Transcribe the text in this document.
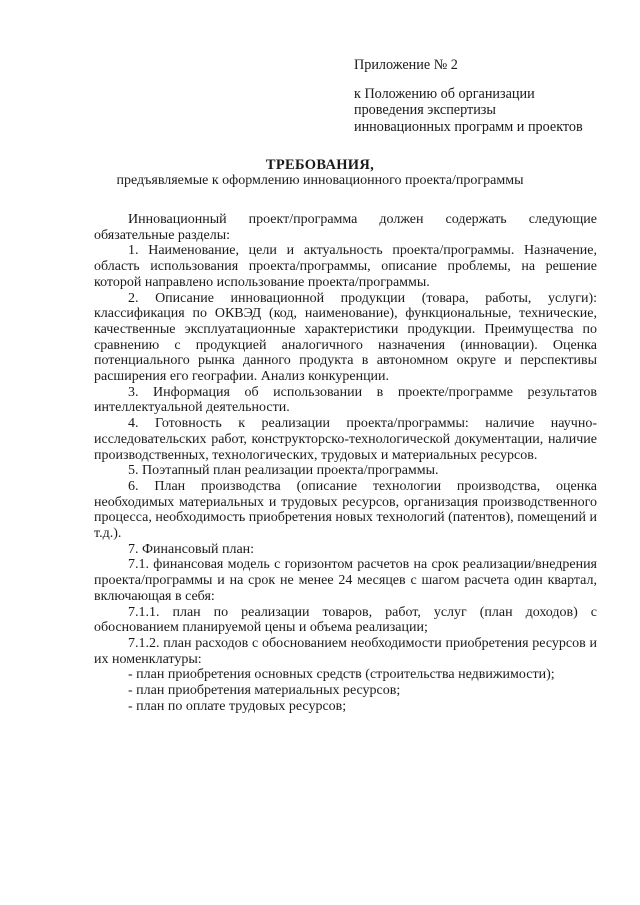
Приложение № 2
к Положению об организации
проведения экспертизы
инновационных программ и проектов
ТРЕБОВАНИЯ,
предъявляемые к оформлению инновационного проекта/программы

Инновационный проект/программа должен содержать следующие обязательные разделы:

1. Наименование, цели и актуальность проекта/программы. Назначение, область использования проекта/программы, описание проблемы, на решение которой направлено использование проекта/программы.

2. Описание инновационной продукции (товара, работы, услуги): классификация по ОКВЭД (код, наименование), функциональные, технические, качественные эксплуатационные характеристики продукции. Преимущества по сравнению с продукцией аналогичного назначения (инновации). Оценка потенциального рынка данного продукта в автономном округе и перспективы расширения его географии. Анализ конкуренции.

3. Информация об использовании в проекте/программе результатов интеллектуальной деятельности.

4. Готовность к реализации проекта/программы: наличие научно-исследовательских работ, конструкторско-технологической документации, наличие производственных, технологических, трудовых и материальных ресурсов.

5. Поэтапный план реализации проекта/программы.

6. План производства (описание технологии производства, оценка необходимых материальных и трудовых ресурсов, организация производственного процесса, необходимость приобретения новых технологий (патентов), помещений и т.д.).

7. Финансовый план:

7.1. финансовая модель с горизонтом расчетов на срок реализации/внедрения проекта/программы и на срок не менее 24 месяцев с шагом расчета один квартал, включающая в себя:

7.1.1. план по реализации товаров, работ, услуг (план доходов) с обоснованием планируемой цены и объема реализации;

7.1.2. план расходов с обоснованием необходимости приобретения ресурсов и их номенклатуры:

- план приобретения основных средств (строительства недвижимости);

- план приобретения материальных ресурсов;

- план по оплате трудовых ресурсов;
